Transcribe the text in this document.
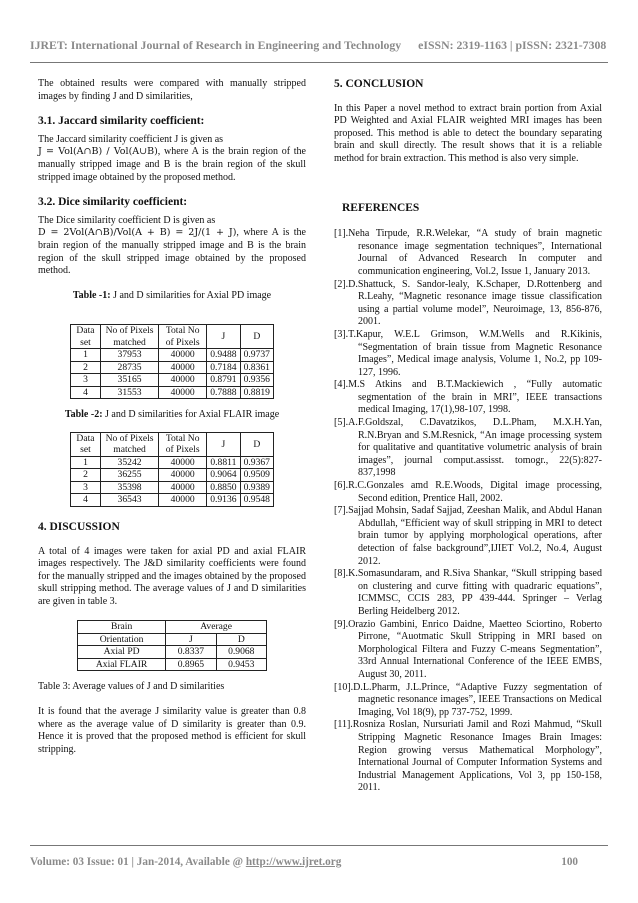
IJRET: International Journal of Research in Engineering and Technology eISSN: 2319-1163 | pISSN: 2321-7308

The obtained results were compared with manually stripped images by finding J and D similarities,

3.1. Jaccard similarity coefficient:

The Jaccard similarity coefficient J is given as
J = Vol(A∩B) / Vol(A∪B), where A is the brain region of the manually stripped image and B is the brain region of the skull stripped image obtained by the proposed method.

3.2. Dice similarity coefficient:

The Dice similarity coefficient D is given as
D = 2Vol(A∩B)/Vol(A + B) = 2J/(1 + J), where A is the brain region of the manually stripped image and B is the brain region of the skull stripped image obtained by the proposed method.

Table -1: J and D similarities for Axial PD image

Data set	No of Pixels matched	Total No of Pixels	J	D
1	37953	40000	0.9488	0.9737
2	28735	40000	0.7184	0.8361
3	35165	40000	0.8791	0.9356
4	31553	40000	0.7888	0.8819

Table -2: J and D similarities for Axial FLAIR image

Data set	No of Pixels matched	Total No of Pixels	J	D
1	35242	40000	0.8811	0.9367
2	36255	40000	0.9064	0.9509
3	35398	40000	0.8850	0.9389
4	36543	40000	0.9136	0.9548

4. DISCUSSION

A total of 4 images were taken for axial PD and axial FLAIR images respectively. The J&D similarity coefficients were found for the manually stripped and the images obtained by the proposed skull stripping method. The average values of J and D similarities are given in table 3.

Brain	Average	
Orientation	J	D
Axial PD	0.8337	0.9068
Axial FLAIR	0.8965	0.9453

Table 3: Average values of J and D similarities

It is found that the average J similarity value is greater than 0.8 where as the average value of D similarity is greater than 0.9. Hence it is proved that the proposed method is efficient for skull stripping.

5. CONCLUSION

In this Paper a novel method to extract brain portion from Axial PD Weighted and Axial FLAIR weighted MRI images has been proposed. This method is able to detect the boundary separating brain and skull directly. The result shows that it is a reliable method for brain extraction. This method is also very simple.

REFERENCES

[1].Neha Tirpude, R.R.Welekar, “A study of brain magnetic resonance image segmentation techniques”, International Journal of Advanced Research In computer and communication engineering, Vol.2, Issue 1, January 2013.
[2].D.Shattuck, S. Sandor-lealy, K.Schaper, D.Rottenberg and R.Leahy, “Magnetic resonance image tissue classification using a partial volume model”, Neuroimage, 13, 856-876, 2001.
[3].T.Kapur, W.E.L Grimson, W.M.Wells and R.Kikinis, “Segmentation of brain tissue from Magnetic Resonance Images”, Medical image analysis, Volume 1, No.2, pp 109-127, 1996.
[4].M.S Atkins and B.T.Mackiewich , “Fully automatic segmentation of the brain in MRI”, IEEE transactions medical Imaging, 17(1),98-107, 1998.
[5].A.F.Goldszal, C.Davatzikos, D.L.Pham, M.X.H.Yan, R.N.Bryan and S.M.Resnick, “An image processing system for qualitative and quantitative volumetric analysis of brain images”, journal comput.assisst. tomogr., 22(5):827-837,1998
[6].R.C.Gonzales amd R.E.Woods, Digital image processing, Second edition, Prentice Hall, 2002.
[7].Sajjad Mohsin, Sadaf Sajjad, Zeeshan Malik, and Abdul Hanan Abdullah, “Efficient way of skull stripping in MRI to detect brain tumor by applying morphological operations, after detection of false background”,IJIET Vol.2, No.4, August 2012.
[8].K.Somasundaram, and R.Siva Shankar, “Skull stripping based on clustering and curve fitting with quadraric equations”, ICMMSC, CCIS 283, PP 439-444. Springer – Verlag Berling Heidelberg 2012.
[9].Orazio Gambini, Enrico Daidne, Maetteo Sciortino, Roberto Pirrone, “Auotmatic Skull Stripping in MRI based on Morphological Filtera and Fuzzy C-means Segmentation”, 33rd Annual International Conference of the IEEE EMBS, August 30, 2011.
[10].D.L.Pharm, J.L.Prince, “Adaptive Fuzzy segmentation of magnetic resonance images”, IEEE Transactions on Medical Imaging, Vol 18(9), pp 737-752, 1999.
[11].Rosniza Roslan, Nursuriati Jamil and Rozi Mahmud, “Skull Stripping Magnetic Resonance Images Brain Images: Region growing versus Mathematical Morphology”, International Journal of Computer Information Systems and Industrial Management Applications, Vol 3, pp 150-158, 2011.
Volume: 03 Issue: 01 | Jan-2014, Available @ http://www.ijret.org	100
